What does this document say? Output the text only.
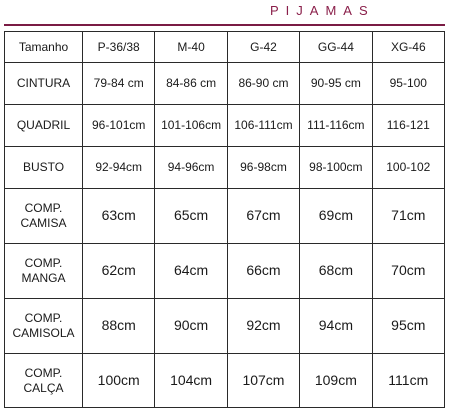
PIJAMAS
Tamanho	P-36/38	M-40	G-42	GG-44	XG-46
CINTURA	79-84 cm	84-86 cm	86-90 cm	90-95 cm	95-100
QUADRIL	96-101cm	101-106cm	106-111cm	111-116cm	116-121
BUSTO	92-94cm	94-96cm	96-98cm	98-100cm	100-102
COMP.
CAMISA	63cm	65cm	67cm	69cm	71cm
COMP.
MANGA	62cm	64cm	66cm	68cm	70cm
COMP.
CAMISOLA	88cm	90cm	92cm	94cm	95cm
COMP.
CALÇA	100cm	104cm	107cm	109cm	111cm
